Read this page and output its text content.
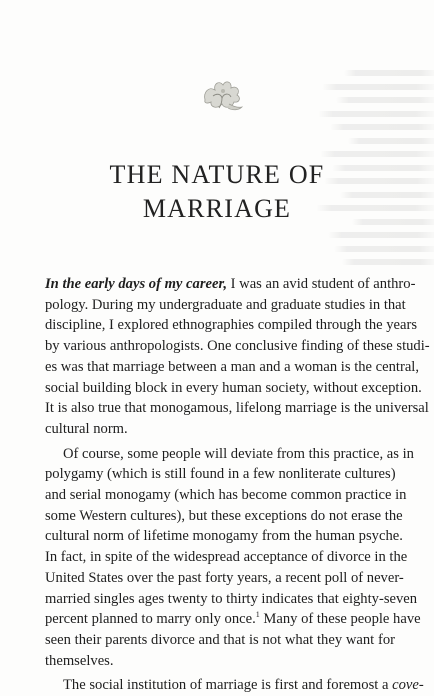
THE NATURE OF
MARRIAGE

In the early days of my career, I was an avid student of anthro-
pology. During my undergraduate and graduate studies in that
discipline, I explored ethnographies compiled through the years
by various anthropologists. One conclusive finding of these studi-
es was that marriage between a man and a woman is the central,
social building block in every human society, without exception.
It is also true that monogamous, lifelong marriage is the universal
cultural norm.

Of course, some people will deviate from this practice, as in
polygamy (which is still found in a few nonliterate cultures)
and serial monogamy (which has become common practice in
some Western cultures), but these exceptions do not erase the
cultural norm of lifetime monogamy from the human psyche.
In fact, in spite of the widespread acceptance of divorce in the
United States over the past forty years, a recent poll of never-
married singles ages twenty to thirty indicates that eighty-seven
percent planned to marry only once.$^1$ Many of these people have
seen their parents divorce and that is not what they want for
themselves.

The social institution of marriage is first and foremost a cove-
